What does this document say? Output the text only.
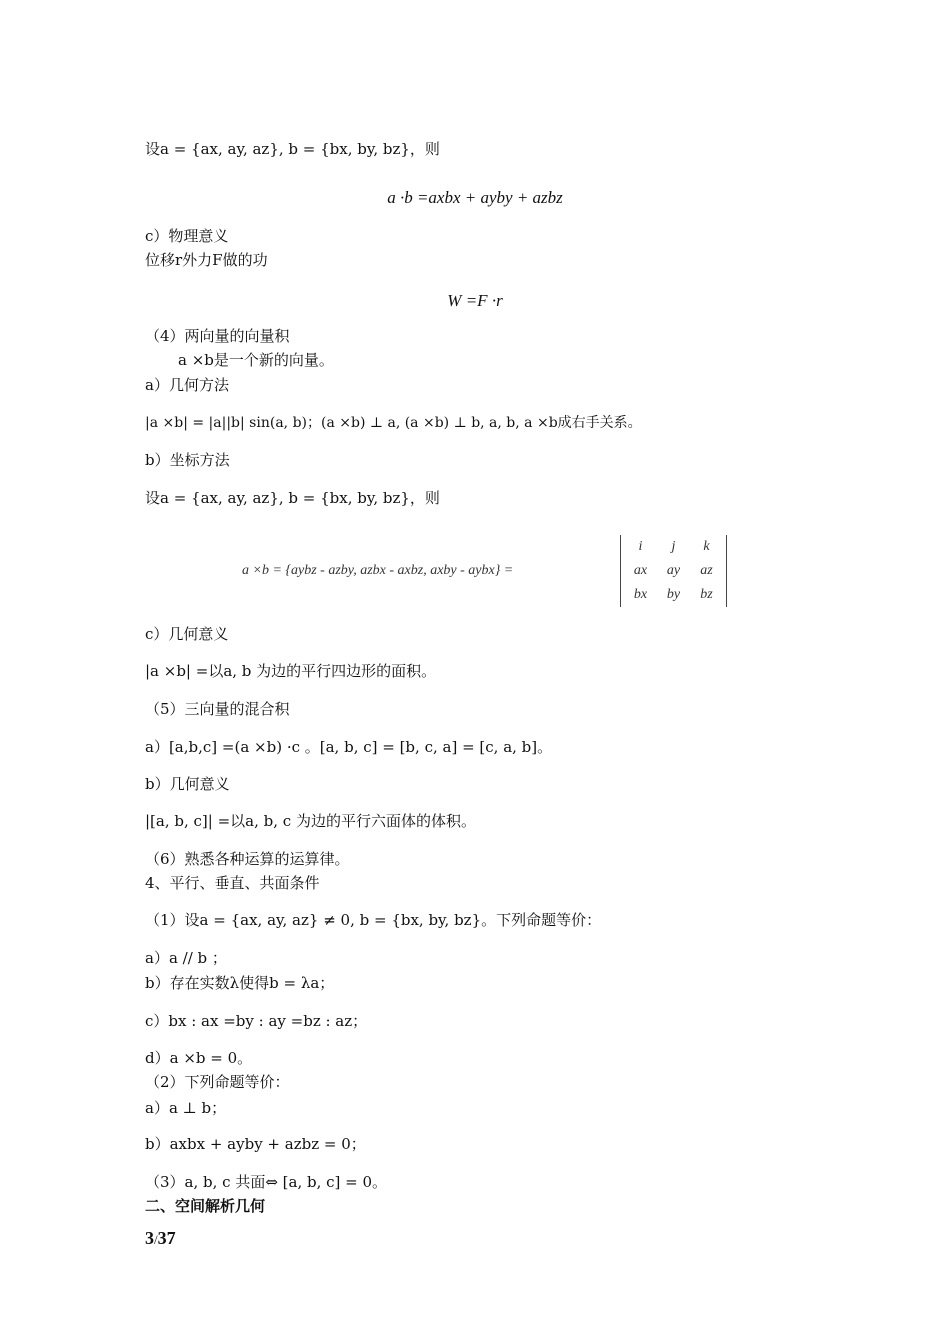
设a = {ax, ay, az}, b = {bx, by, bz}，则
a ·b =axbx + ayby + azbz
c）物理意义
位移r外力F做的功
W =F ·r
（4）两向量的向量积
a ×b是一个新的向量。
a）几何方法
|a ×b| = |a||b| sin(a, b)；(a ×b) ⊥ a, (a ×b) ⊥ b, a, b, a ×b成右手关系。
b）坐标方法
设a = {ax, ay, az}, b = {bx, by, bz}，则
a ×b = {aybz - azby, azbx - axbz, axby - aybx} =
i	j	k
ax	ay	az
bx	by	bz
c）几何意义
|a ×b| =以a, b 为边的平行四边形的面积。
（5）三向量的混合积
a）[a,b,c] =(a ×b) ·c 。[a, b, c] = [b, c, a] = [c, a, b]。
b）几何意义
|[a, b, c]| =以a, b, c 为边的平行六面体的体积。
（6）熟悉各种运算的运算律。
4、平行、垂直、共面条件
（1）设a = {ax, ay, az} ≠ 0, b = {bx, by, bz}。下列命题等价：
a）a // b ；
b）存在实数λ使得b = λa；
c）bx : ax =by : ay =bz : az；
d）a ×b = 0。
（2）下列命题等价：
a）a ⊥ b；
b）axbx + ayby + azbz = 0；
（3）a, b, c 共面⇔ [a, b, c] = 0。
二、空间解析几何
3/37
